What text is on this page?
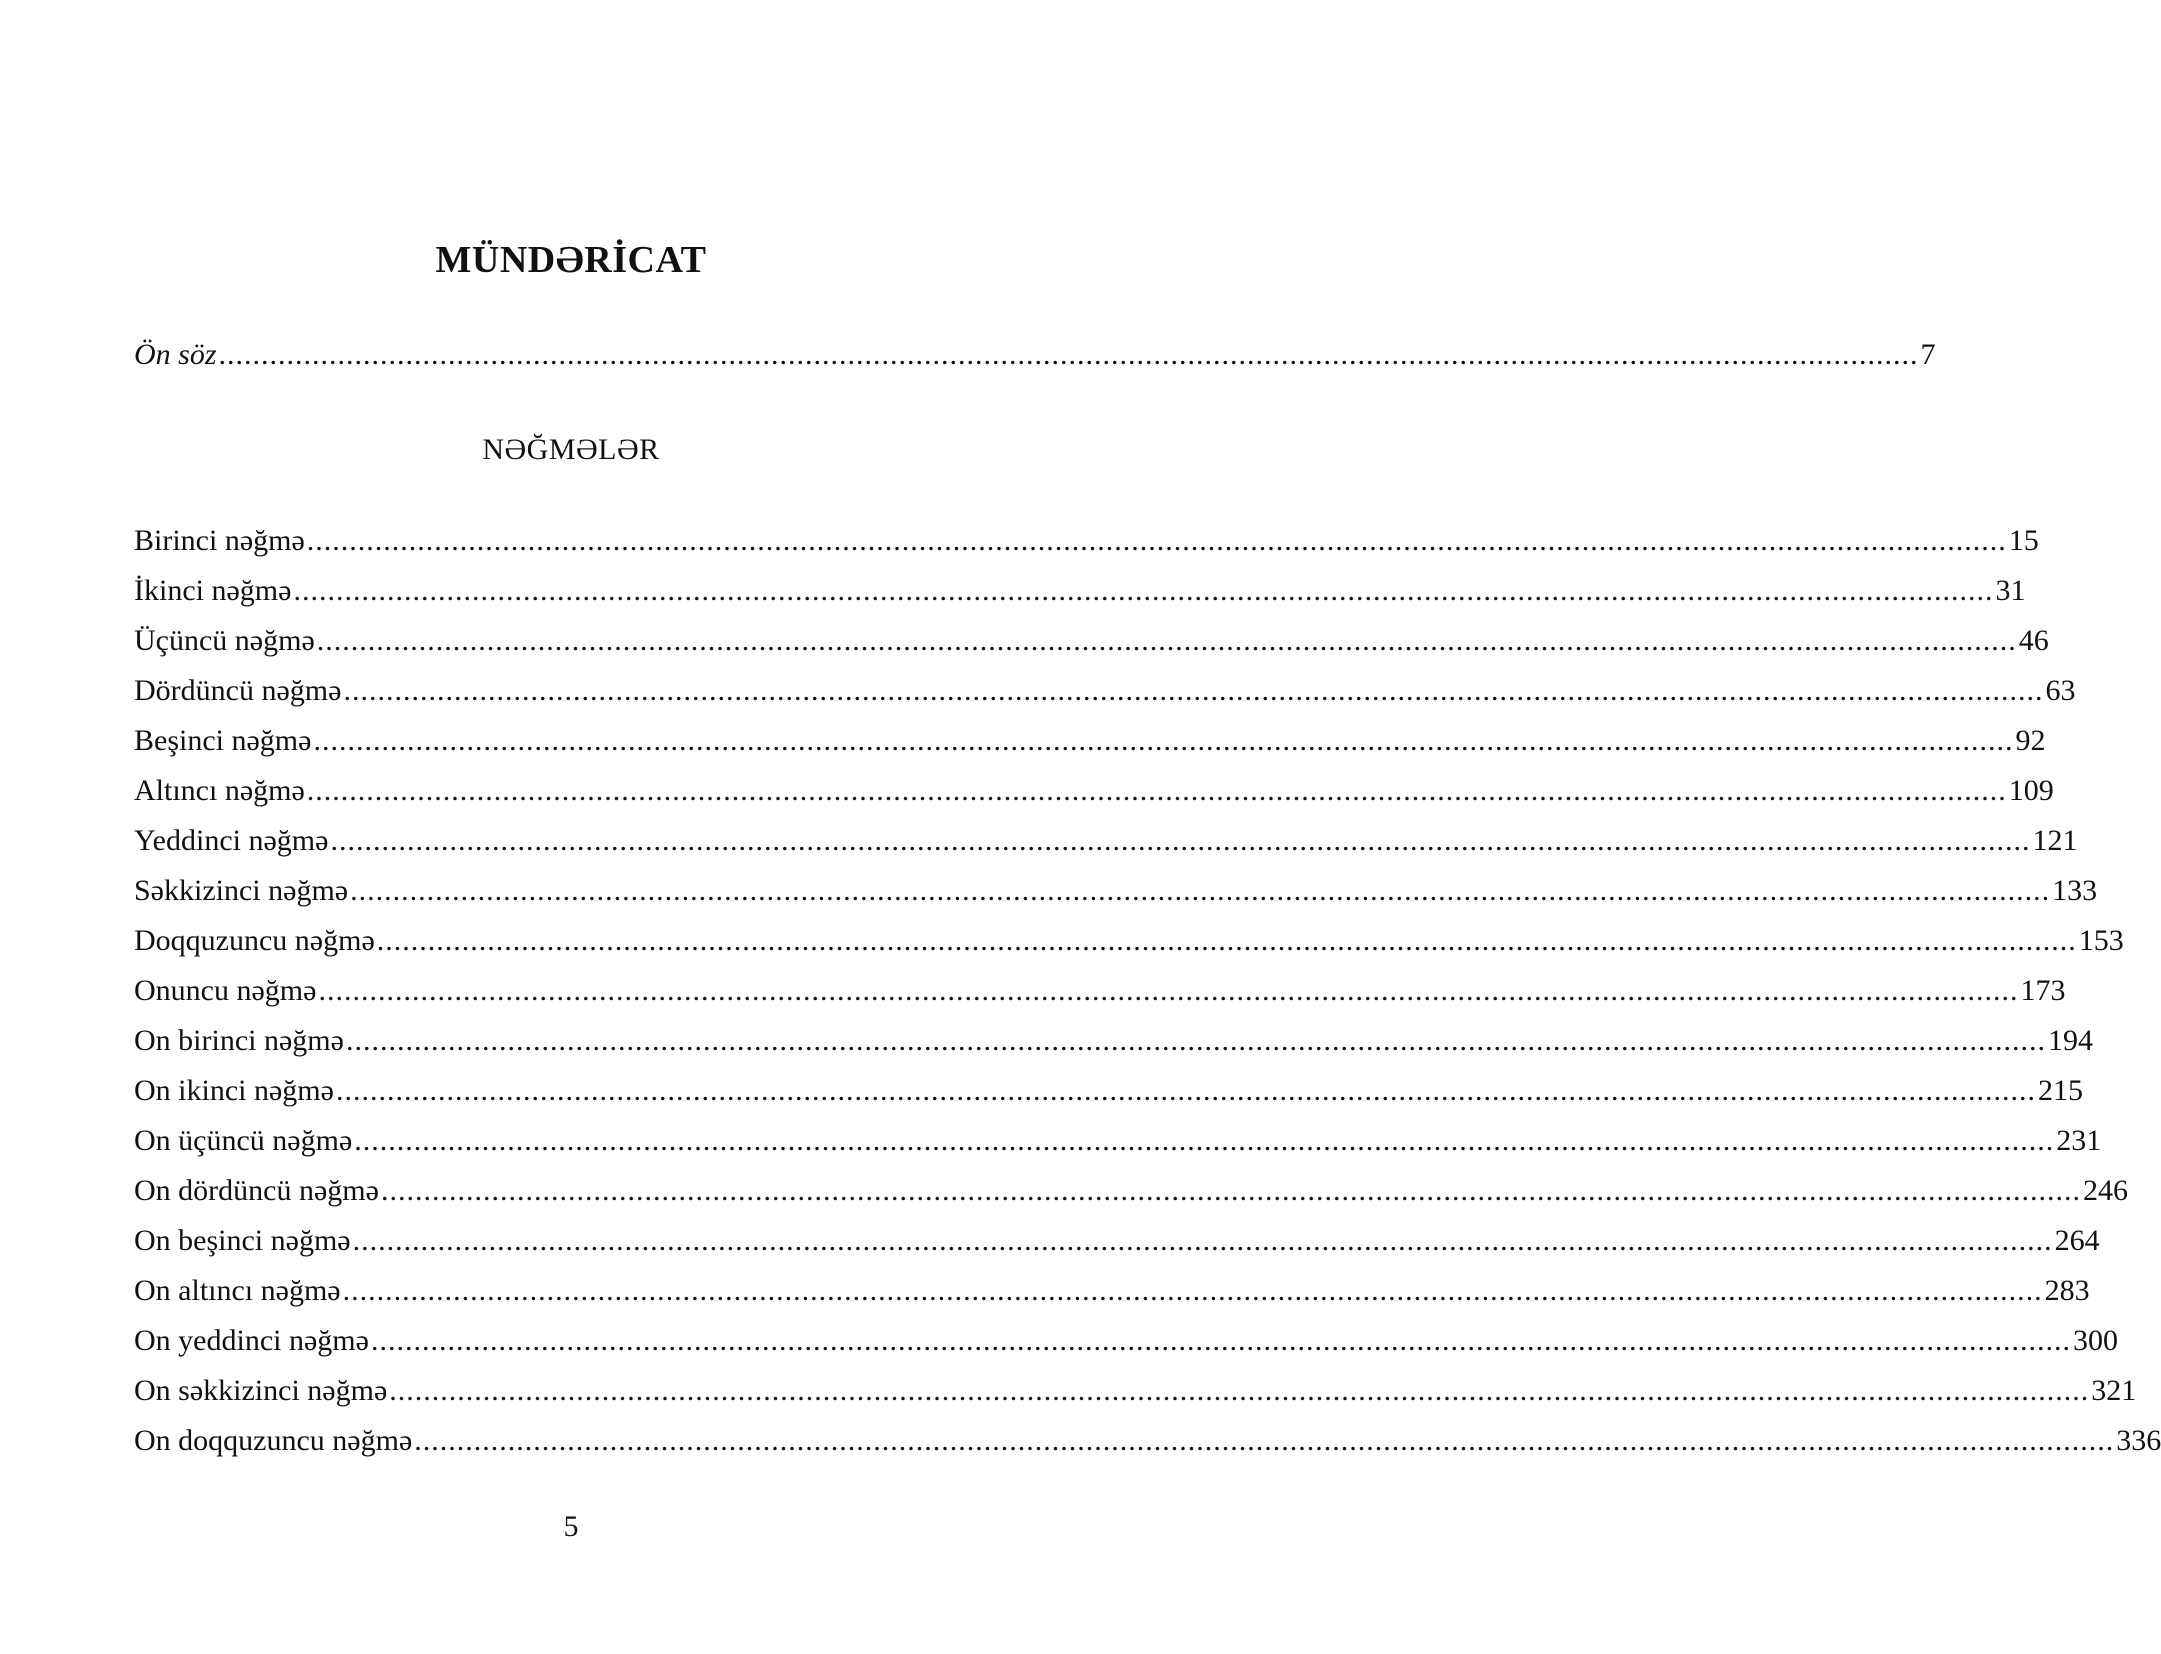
MÜNDƏRİCAT
Ön söz ........................................................................................................................................................................................................ 7
NƏĞMƏLƏR
Birinci nəğmə ........................................................................................................................................................................................................ 15
İkinci nəğmə ........................................................................................................................................................................................................ 31
Üçüncü nəğmə ........................................................................................................................................................................................................ 46
Dördüncü nəğmə ........................................................................................................................................................................................................ 63
Beşinci nəğmə ........................................................................................................................................................................................................ 92
Altıncı nəğmə ........................................................................................................................................................................................................ 109
Yeddinci nəğmə ........................................................................................................................................................................................................ 121
Səkkizinci nəğmə ........................................................................................................................................................................................................ 133
Doqquzuncu nəğmə ........................................................................................................................................................................................................ 153
Onuncu nəğmə ........................................................................................................................................................................................................ 173
On birinci nəğmə ........................................................................................................................................................................................................ 194
On ikinci nəğmə ........................................................................................................................................................................................................ 215
On üçüncü nəğmə ........................................................................................................................................................................................................ 231
On dördüncü nəğmə ........................................................................................................................................................................................................ 246
On beşinci nəğmə ........................................................................................................................................................................................................ 264
On altıncı nəğmə ........................................................................................................................................................................................................ 283
On yeddinci nəğmə ........................................................................................................................................................................................................ 300
On səkkizinci nəğmə ........................................................................................................................................................................................................ 321
On doqquzuncu nəğmə ........................................................................................................................................................................................................ 336
5
